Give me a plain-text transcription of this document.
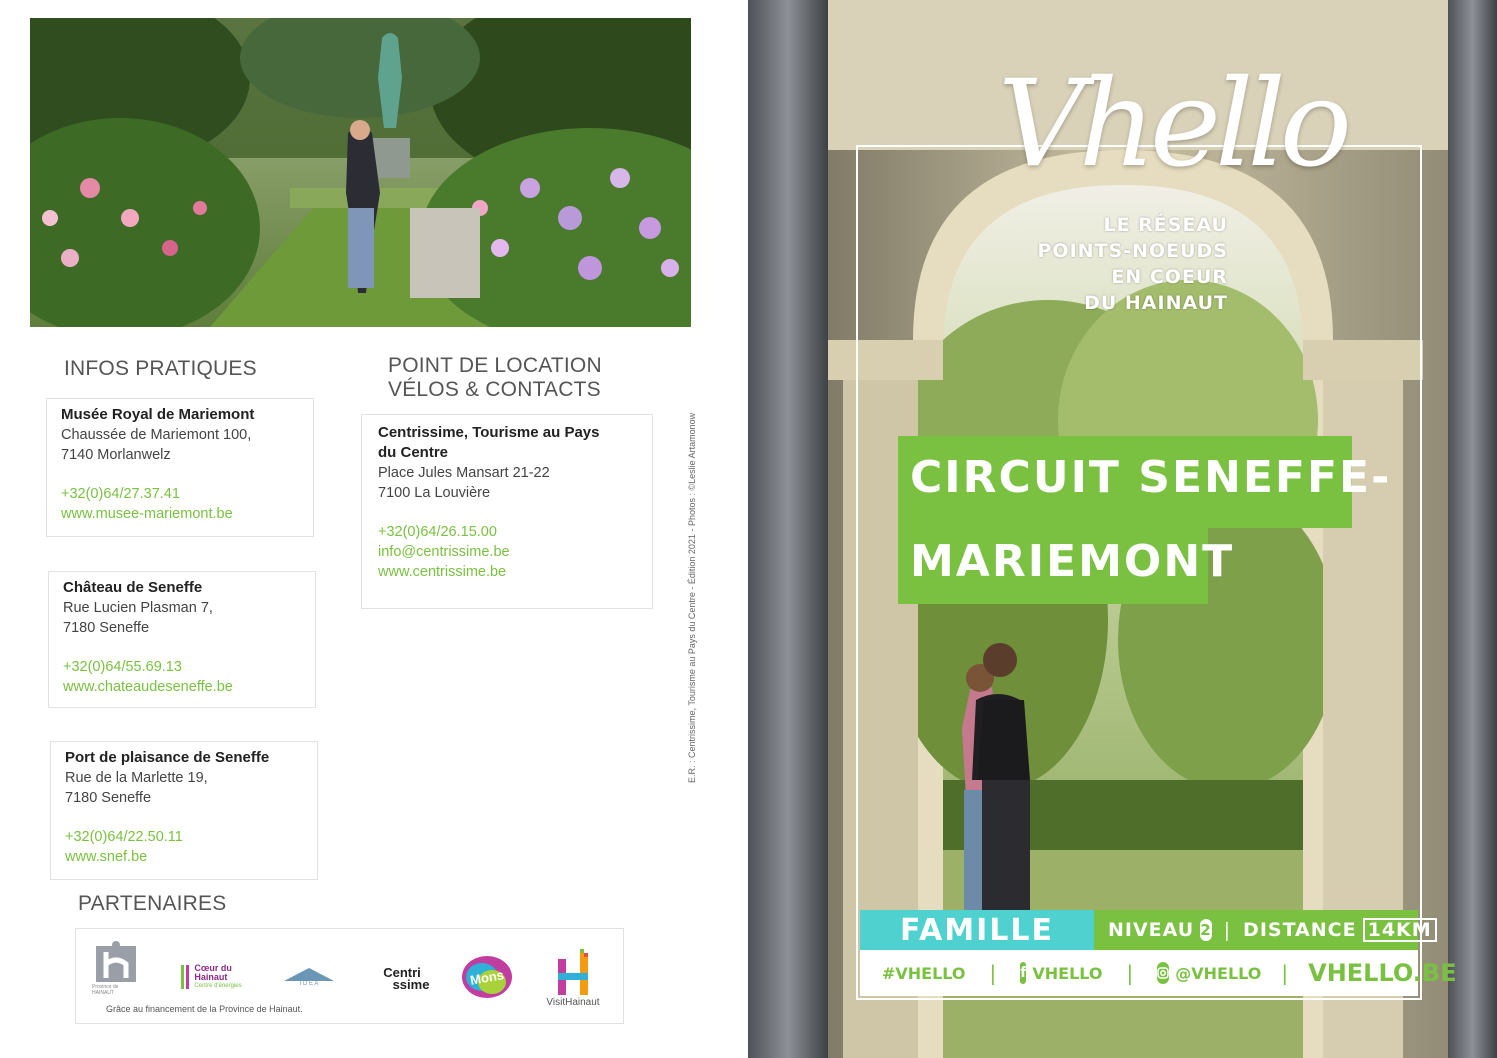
INFOS PRATIQUES	POINT DE LOCATION
VÉLOS & CONTACTS
Musée Royal de Mariemont
Chaussée de Mariemont 100,
7140 Morlanwelz
+32(0)64/27.37.41
www.musee-mariemont.be
Château de Seneffe
Rue Lucien Plasman 7,
7180 Seneffe
+32(0)64/55.69.13
www.chateaudeseneffe.be
Port de plaisance de Seneffe
Rue de la Marlette 19,
7180 Seneffe
+32(0)64/22.50.11
www.snef.be
Centrissime, Tourisme au Pays
du Centre
Place Jules Mansart 21-22
7100 La Louvière
+32(0)64/26.15.00
info@centrissime.be
www.centrissime.be	E.R. : Centrissime, Tourisme au Pays du Centre - Édition 2021 - Photos : ©Leslie Artamonow
PARTENAIRES
Province de HAINAUT
Cœur du
Hainaut
Centre d'énergies	I D E A
Centri
ssime	Mons
VisitHainaut
Grâce au financement de la Province de Hainaut.
Vhello
LE RÉSEAU
POINTS-NOEUDS
EN COEUR
DU HAINAUT
CIRCUIT SENEFFE-
MARIEMONT
FAMILLE	NIVEAU 2 | DISTANCE 14KM
#VHELLO | f VHELLO |	@VHELLO | VHELLO.BE
